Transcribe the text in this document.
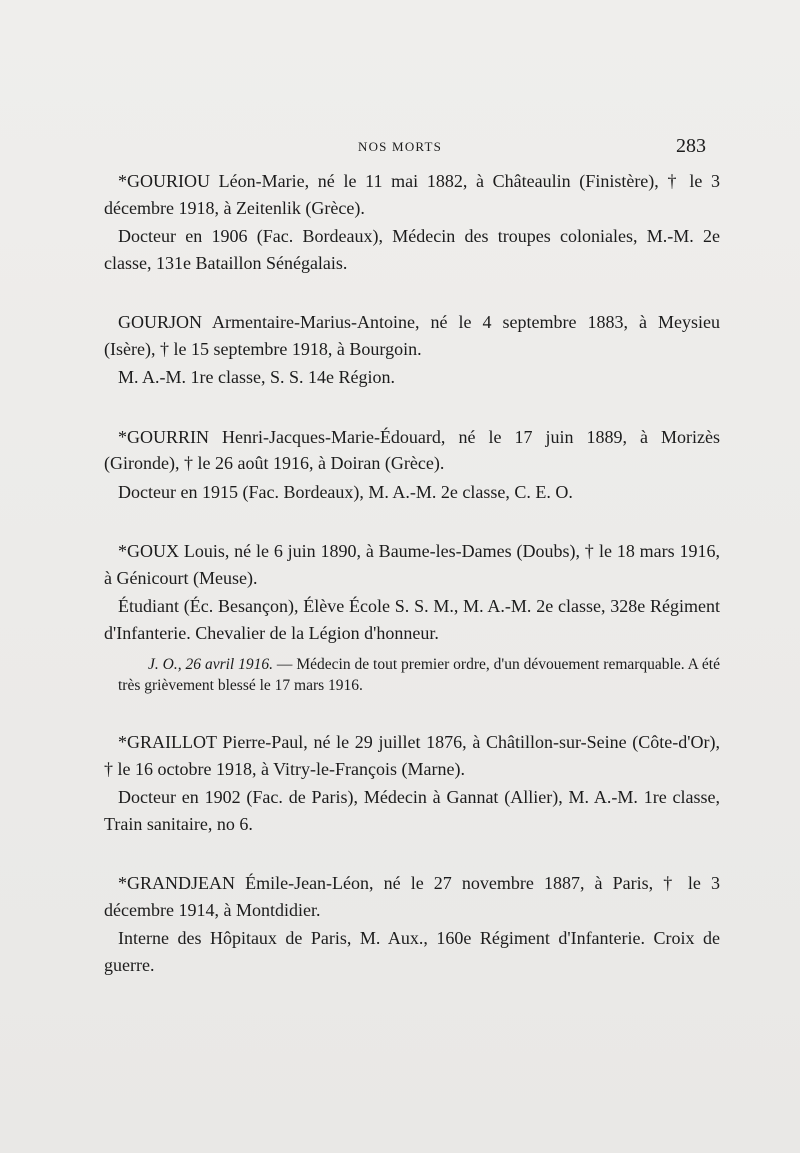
NOS MORTS	283

*GOURIOU Léon-Marie, né le 11 mai 1882, à Châteaulin (Finistère), † le 3 décembre 1918, à Zeitenlik (Grèce).

Docteur en 1906 (Fac. Bordeaux), Médecin des troupes coloniales, M.-M. 2e classe, 131e Bataillon Sénégalais.

GOURJON Armentaire-Marius-Antoine, né le 4 septembre 1883, à Meysieu (Isère), † le 15 septembre 1918, à Bourgoin.

M. A.-M. 1re classe, S. S. 14e Région.

*GOURRIN Henri-Jacques-Marie-Édouard, né le 17 juin 1889, à Morizès (Gironde), † le 26 août 1916, à Doiran (Grèce).

Docteur en 1915 (Fac. Bordeaux), M. A.-M. 2e classe, C. E. O.

*GOUX Louis, né le 6 juin 1890, à Baume-les-Dames (Doubs), † le 18 mars 1916, à Génicourt (Meuse).

Étudiant (Éc. Besançon), Élève École S. S. M., M. A.-M. 2e classe, 328e Régiment d'Infanterie. Chevalier de la Légion d'honneur.

J. O., 26 avril 1916. — Médecin de tout premier ordre, d'un dévouement remarquable. A été très grièvement blessé le 17 mars 1916.

*GRAILLOT Pierre-Paul, né le 29 juillet 1876, à Châtillon-sur-Seine (Côte-d'Or), † le 16 octobre 1918, à Vitry-le-François (Marne).

Docteur en 1902 (Fac. de Paris), Médecin à Gannat (Allier), M. A.-M. 1re classe, Train sanitaire, no 6.

*GRANDJEAN Émile-Jean-Léon, né le 27 novembre 1887, à Paris, † le 3 décembre 1914, à Montdidier.

Interne des Hôpitaux de Paris, M. Aux., 160e Régiment d'Infanterie. Croix de guerre.
